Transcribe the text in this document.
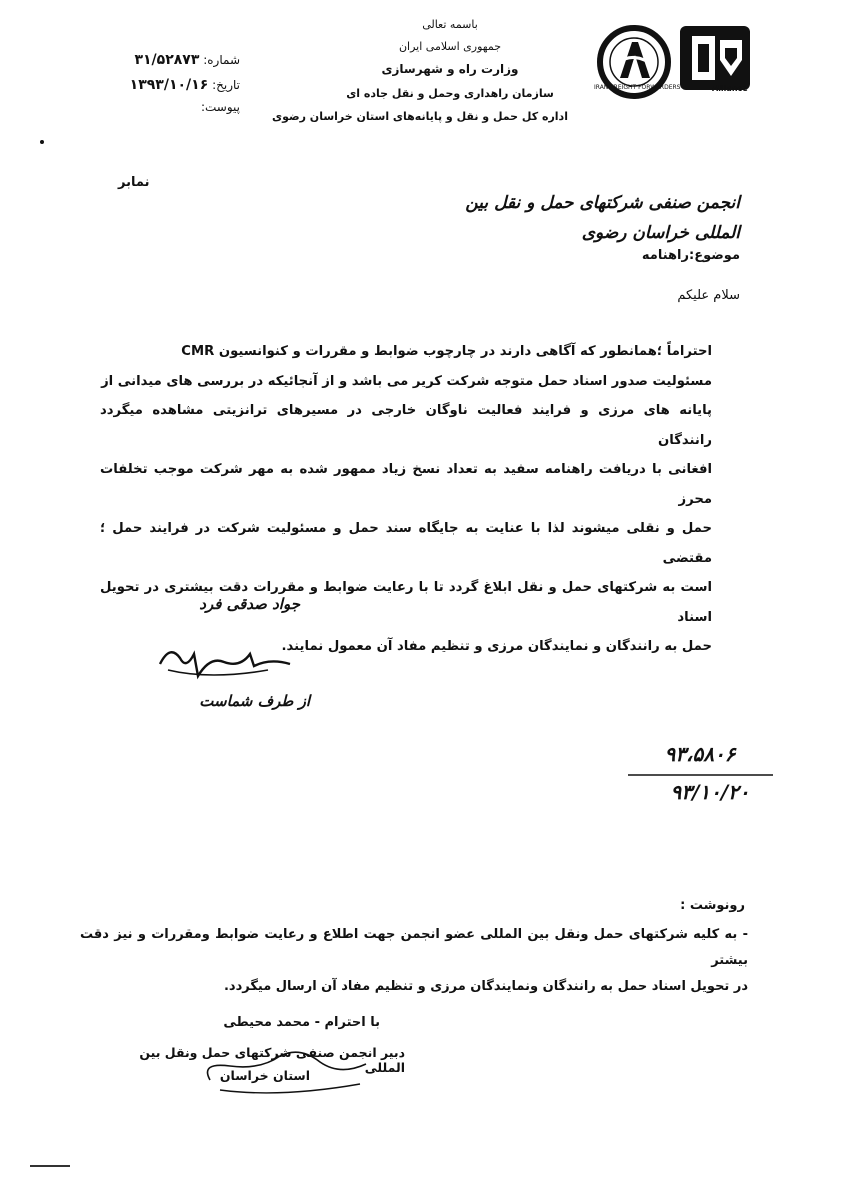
IRAN FREIGHT FORWARDERS	Alliance
باسمه تعالی
جمهوری اسلامی ایران
وزارت راه و شهرسازی
سازمان راهداری وحمل و نقل جاده ای
اداره کل حمل و نقل و پایانه‌های استان خراسان رضوی
شماره: ۳۱/۵۲۸۷۳
تاریخ: ۱۳۹۳/۱۰/۱۶
پیوست:
نمابر
انجمن صنفی شرکتهای حمل و نقل بین المللی خراسان رضوی
موضوع:راهنامه
سلام علیکم
احتراماً ؛همانطور که آگاهی دارند در چارچوب ضوابط و مقررات و کنوانسیون CMR
مسئولیت صدور اسناد حمل متوجه شرکت کریر می باشد و از آنجائیکه در بررسی های میدانی از
پایانه های مرزی و فرایند فعالیت ناوگان خارجی در مسیرهای ترانزیتی مشاهده میگردد رانندگان
افغانی با دریافت راهنامه سفید به تعداد نسخ زیاد ممهور شده به مهر شرکت موجب تخلفات محرز
حمل و نقلی میشوند لذا با عنایت به جایگاه سند حمل و مسئولیت شرکت در فرایند حمل ؛ مقتضی
است به شرکتهای حمل و نقل ابلاغ گردد تا با رعایت ضوابط و مقررات دقت بیشتری در تحویل اسناد
حمل به رانندگان و نمایندگان مرزی و تنظیم مفاد آن معمول نمایند.
جواد صدقی فرد
از طرف شماست
۹۳،۵۸۰۶
۹۳/۱۰/۲۰
رونوشت :
- به کلیه شرکتهای حمل ونقل بین المللی عضو انجمن جهت اطلاع و رعایت ضوابط ومقررات و نیز دقت بیشتر
در تحویل اسناد حمل به رانندگان ونمایندگان مرزی و تنظیم مفاد آن ارسال میگردد.
با احترام - محمد محیطی
دبیر انجمن صنفی شرکتهای حمل ونقل بین المللی
استان خراسان
